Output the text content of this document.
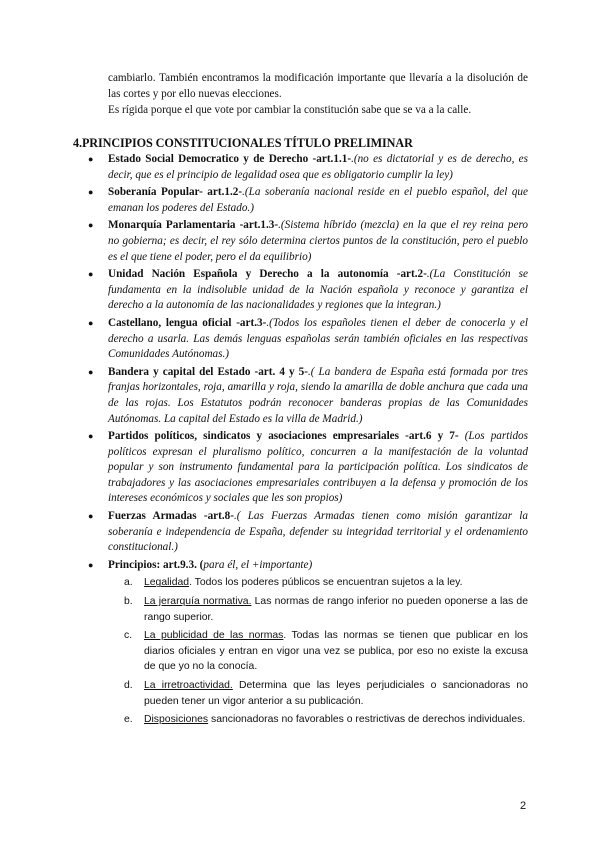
cambiarlo. También encontramos la modificación importante que llevaría a la disolución de las cortes y por ello nuevas elecciones.

Es rígida porque el que vote por cambiar la constitución sabe que se va a la calle.

4.PRINCIPIOS CONSTITUCIONALES TÍTULO PRELIMINAR
● Estado Social Democratico y de Derecho -art.1.1-.(no es dictatorial y es de derecho, es decir, que es el principio de legalidad osea que es obligatorio cumplir la ley)
● Soberanía Popular- art.1.2-.(La soberanía nacional reside en el pueblo español, del que emanan los poderes del Estado.)
● Monarquía Parlamentaria -art.1.3-.(Sistema híbrido (mezcla) en la que el rey reina pero no gobierna; es decir, el rey sólo determina ciertos puntos de la constitución, pero el pueblo es el que tiene el poder, pero el da equilibrio)
● Unidad Nación Española y Derecho a la autonomía -art.2-.(La Constitución se fundamenta en la indisoluble unidad de la Nación española y reconoce y garantiza el derecho a la autonomía de las nacionalidades y regiones que la integran.)
● Castellano, lengua oficial -art.3-.(Todos los españoles tienen el deber de conocerla y el derecho a usarla. Las demás lenguas españolas serán también oficiales en las respectivas Comunidades Autónomas.)
● Bandera y capital del Estado -art. 4 y 5-.( La bandera de España está formada por tres franjas horizontales, roja, amarilla y roja, siendo la amarilla de doble anchura que cada una de las rojas. Los Estatutos podrán reconocer banderas propias de las Comunidades Autónomas. La capital del Estado es la villa de Madrid.)
● Partidos políticos, sindicatos y asociaciones empresariales -art.6 y 7- (Los partidos políticos expresan el pluralismo político, concurren a la manifestación de la voluntad popular y son instrumento fundamental para la participación política. Los sindicatos de trabajadores y las asociaciones empresariales contribuyen a la defensa y promoción de los intereses económicos y sociales que les son propios)
● Fuerzas Armadas -art.8-.( Las Fuerzas Armadas tienen como misión garantizar la soberanía e independencia de España, defender su integridad territorial y el ordenamiento constitucional.)
● Principios: art.9.3. (para él, el +importante)
a. Legalidad. Todos los poderes públicos se encuentran sujetos a la ley.
b. La jerarquía normativa. Las normas de rango inferior no pueden oponerse a las de rango superior.
c. La publicidad de las normas. Todas las normas se tienen que publicar en los diarios oficiales y entran en vigor una vez se publica, por eso no existe la excusa de que yo no la conocía.
d. La irretroactividad. Determina que las leyes perjudiciales o sancionadoras no pueden tener un vigor anterior a su publicación.
e. Disposiciones sancionadoras no favorables o restrictivas de derechos individuales.
2
